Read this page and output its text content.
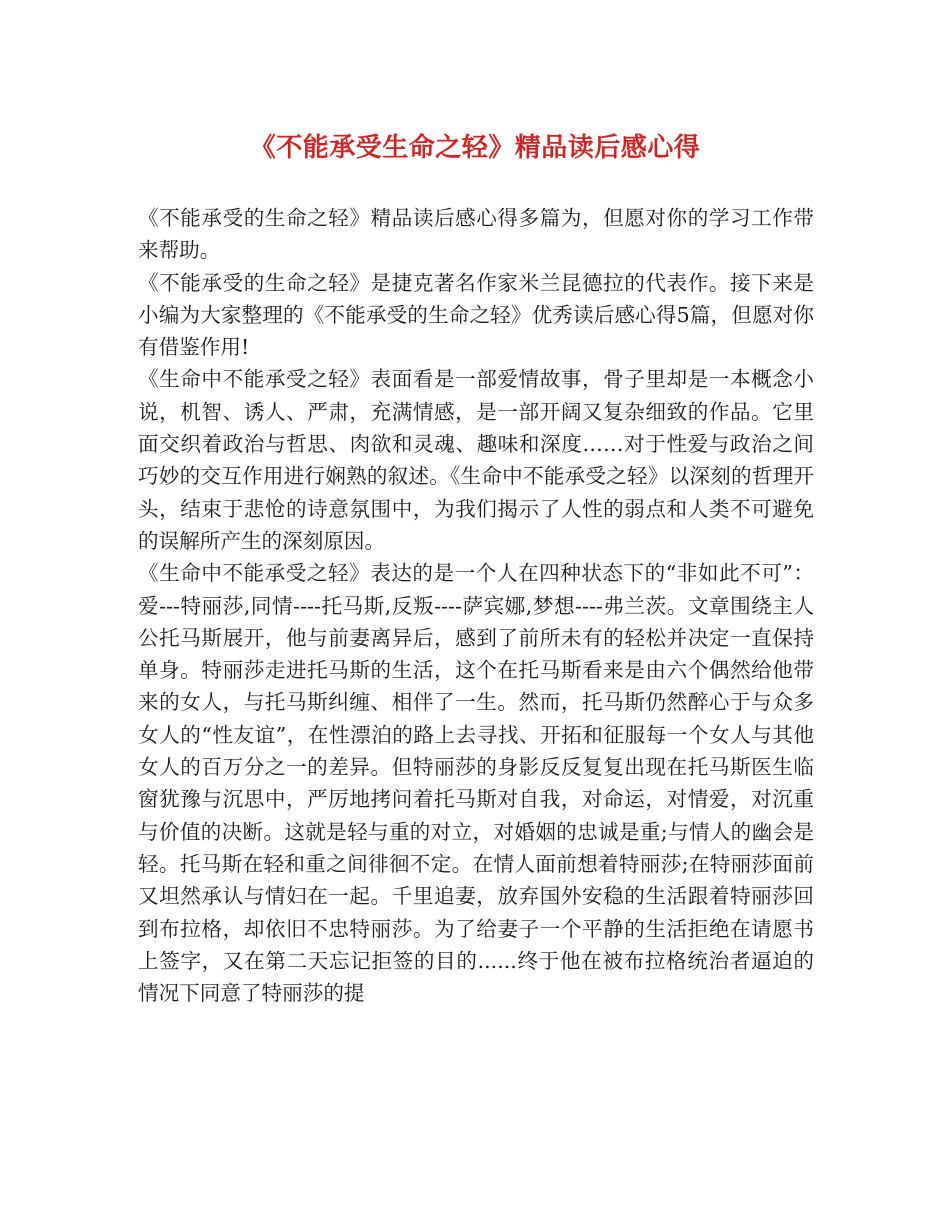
《不能承受生命之轻》精品读后感心得

《不能承受的生命之轻》精品读后感心得多篇为，但愿对你的学习工作带来帮助。

《不能承受的生命之轻》是捷克著名作家米兰昆德拉的代表作。接下来是小编为大家整理的《不能承受的生命之轻》优秀读后感心得5篇，但愿对你有借鉴作用!

《生命中不能承受之轻》表面看是一部爱情故事，骨子里却是一本概念小说，机智、诱人、严肃，充满情感，是一部开阔又复杂细致的作品。它里面交织着政治与哲思、肉欲和灵魂、趣味和深度……对于性爱与政治之间巧妙的交互作用进行娴熟的叙述。《生命中不能承受之轻》以深刻的哲理开头，结束于悲怆的诗意氛围中，为我们揭示了人性的弱点和人类不可避免的误解所产生的深刻原因。

《生命中不能承受之轻》表达的是一个人在四种状态下的“非如此不可”：爱---特丽莎,同情----托马斯,反叛----萨宾娜,梦想----弗兰茨。文章围绕主人公托马斯展开，他与前妻离异后，感到了前所未有的轻松并决定一直保持单身。特丽莎走进托马斯的生活，这个在托马斯看来是由六个偶然给他带来的女人，与托马斯纠缠、相伴了一生。然而，托马斯仍然醉心于与众多女人的“性友谊”，在性漂泊的路上去寻找、开拓和征服每一个女人与其他女人的百万分之一的差异。但特丽莎的身影反反复复出现在托马斯医生临窗犹豫与沉思中，严厉地拷问着托马斯对自我，对命运，对情爱，对沉重与价值的决断。这就是轻与重的对立，对婚姻的忠诚是重;与情人的幽会是轻。托马斯在轻和重之间徘徊不定。在情人面前想着特丽莎;在特丽莎面前又坦然承认与情妇在一起。千里追妻，放弃国外安稳的生活跟着特丽莎回到布拉格，却依旧不忠特丽莎。为了给妻子一个平静的生活拒绝在请愿书上签字，又在第二天忘记拒签的目的......终于他在被布拉格统治者逼迫的情况下同意了特丽莎的提
